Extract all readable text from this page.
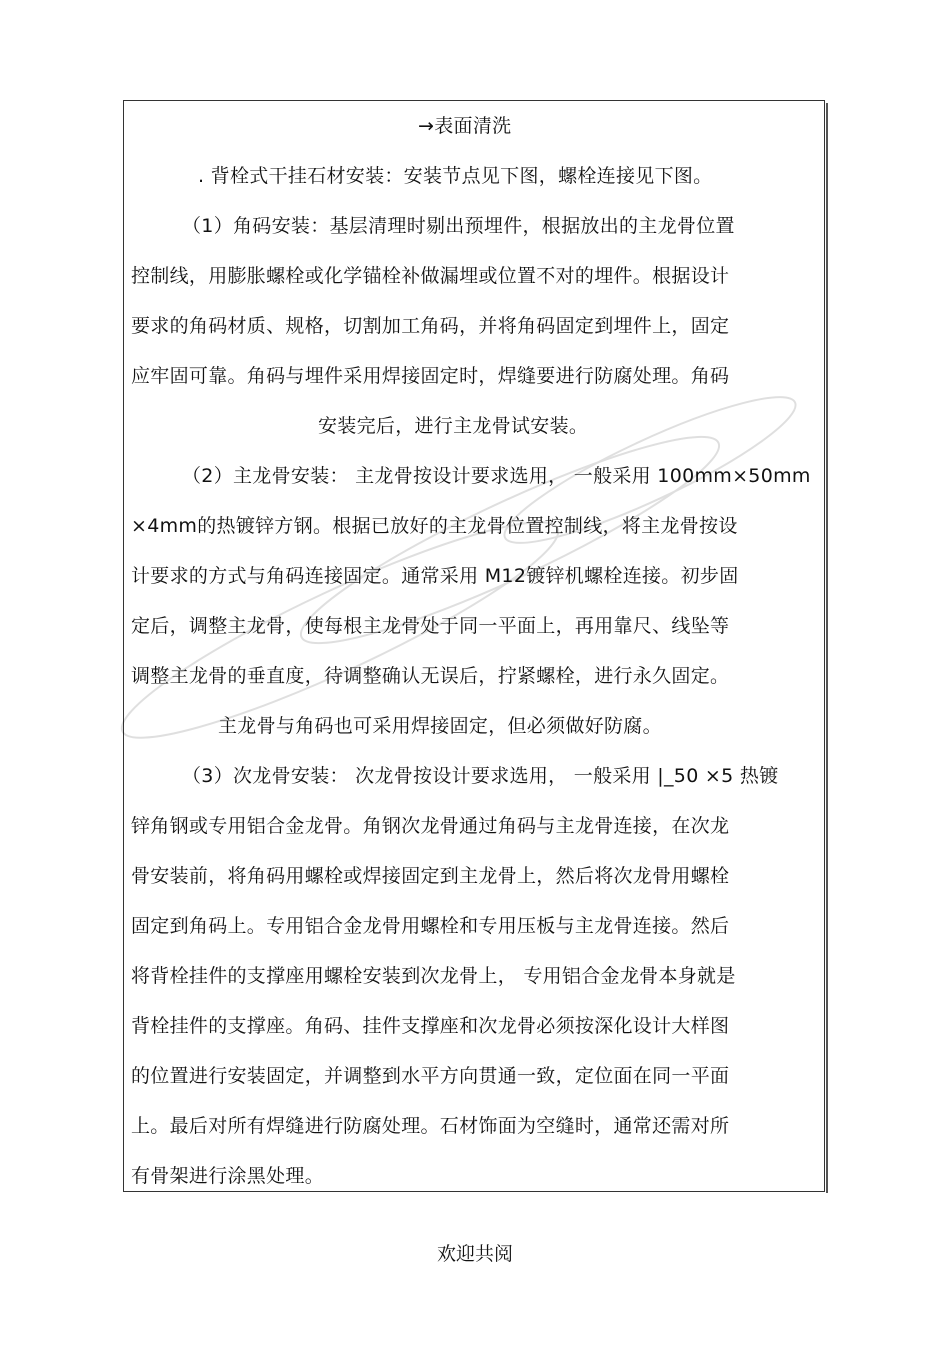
→表面清洗
. 背栓式干挂石材安装：安装节点见下图，螺栓连接见下图。
（1）角码安装：基层清理时剔出预埋件，根据放出的主龙骨位置
控制线，用膨胀螺栓或化学锚栓补做漏埋或位置不对的埋件。根据设计
要求的角码材质、规格，切割加工角码，并将角码固定到埋件上，固定
应牢固可靠。角码与埋件采用焊接固定时，焊缝要进行防腐处理。角码
安装完后，进行主龙骨试安装。
（2）主龙骨安装： 主龙骨按设计要求选用， 一般采用 100mm×50mm
×4mm的热镀锌方钢。根据已放好的主龙骨位置控制线，将主龙骨按设
计要求的方式与角码连接固定。通常采用 M12镀锌机螺栓连接。初步固
定后，调整主龙骨，使每根主龙骨处于同一平面上，再用靠尺、线坠等
调整主龙骨的垂直度，待调整确认无误后，拧紧螺栓，进行永久固定。
主龙骨与角码也可采用焊接固定，但必须做好防腐。
（3）次龙骨安装： 次龙骨按设计要求选用， 一般采用 |_50 ×5 热镀
锌角钢或专用铝合金龙骨。角钢次龙骨通过角码与主龙骨连接，在次龙
骨安装前，将角码用螺栓或焊接固定到主龙骨上，然后将次龙骨用螺栓
固定到角码上。专用铝合金龙骨用螺栓和专用压板与主龙骨连接。然后
将背栓挂件的支撑座用螺栓安装到次龙骨上， 专用铝合金龙骨本身就是
背栓挂件的支撑座。角码、挂件支撑座和次龙骨必须按深化设计大样图
的位置进行安装固定，并调整到水平方向贯通一致，定位面在同一平面
上。最后对所有焊缝进行防腐处理。石材饰面为空缝时，通常还需对所
有骨架进行涂黑处理。
欢迎共阅
